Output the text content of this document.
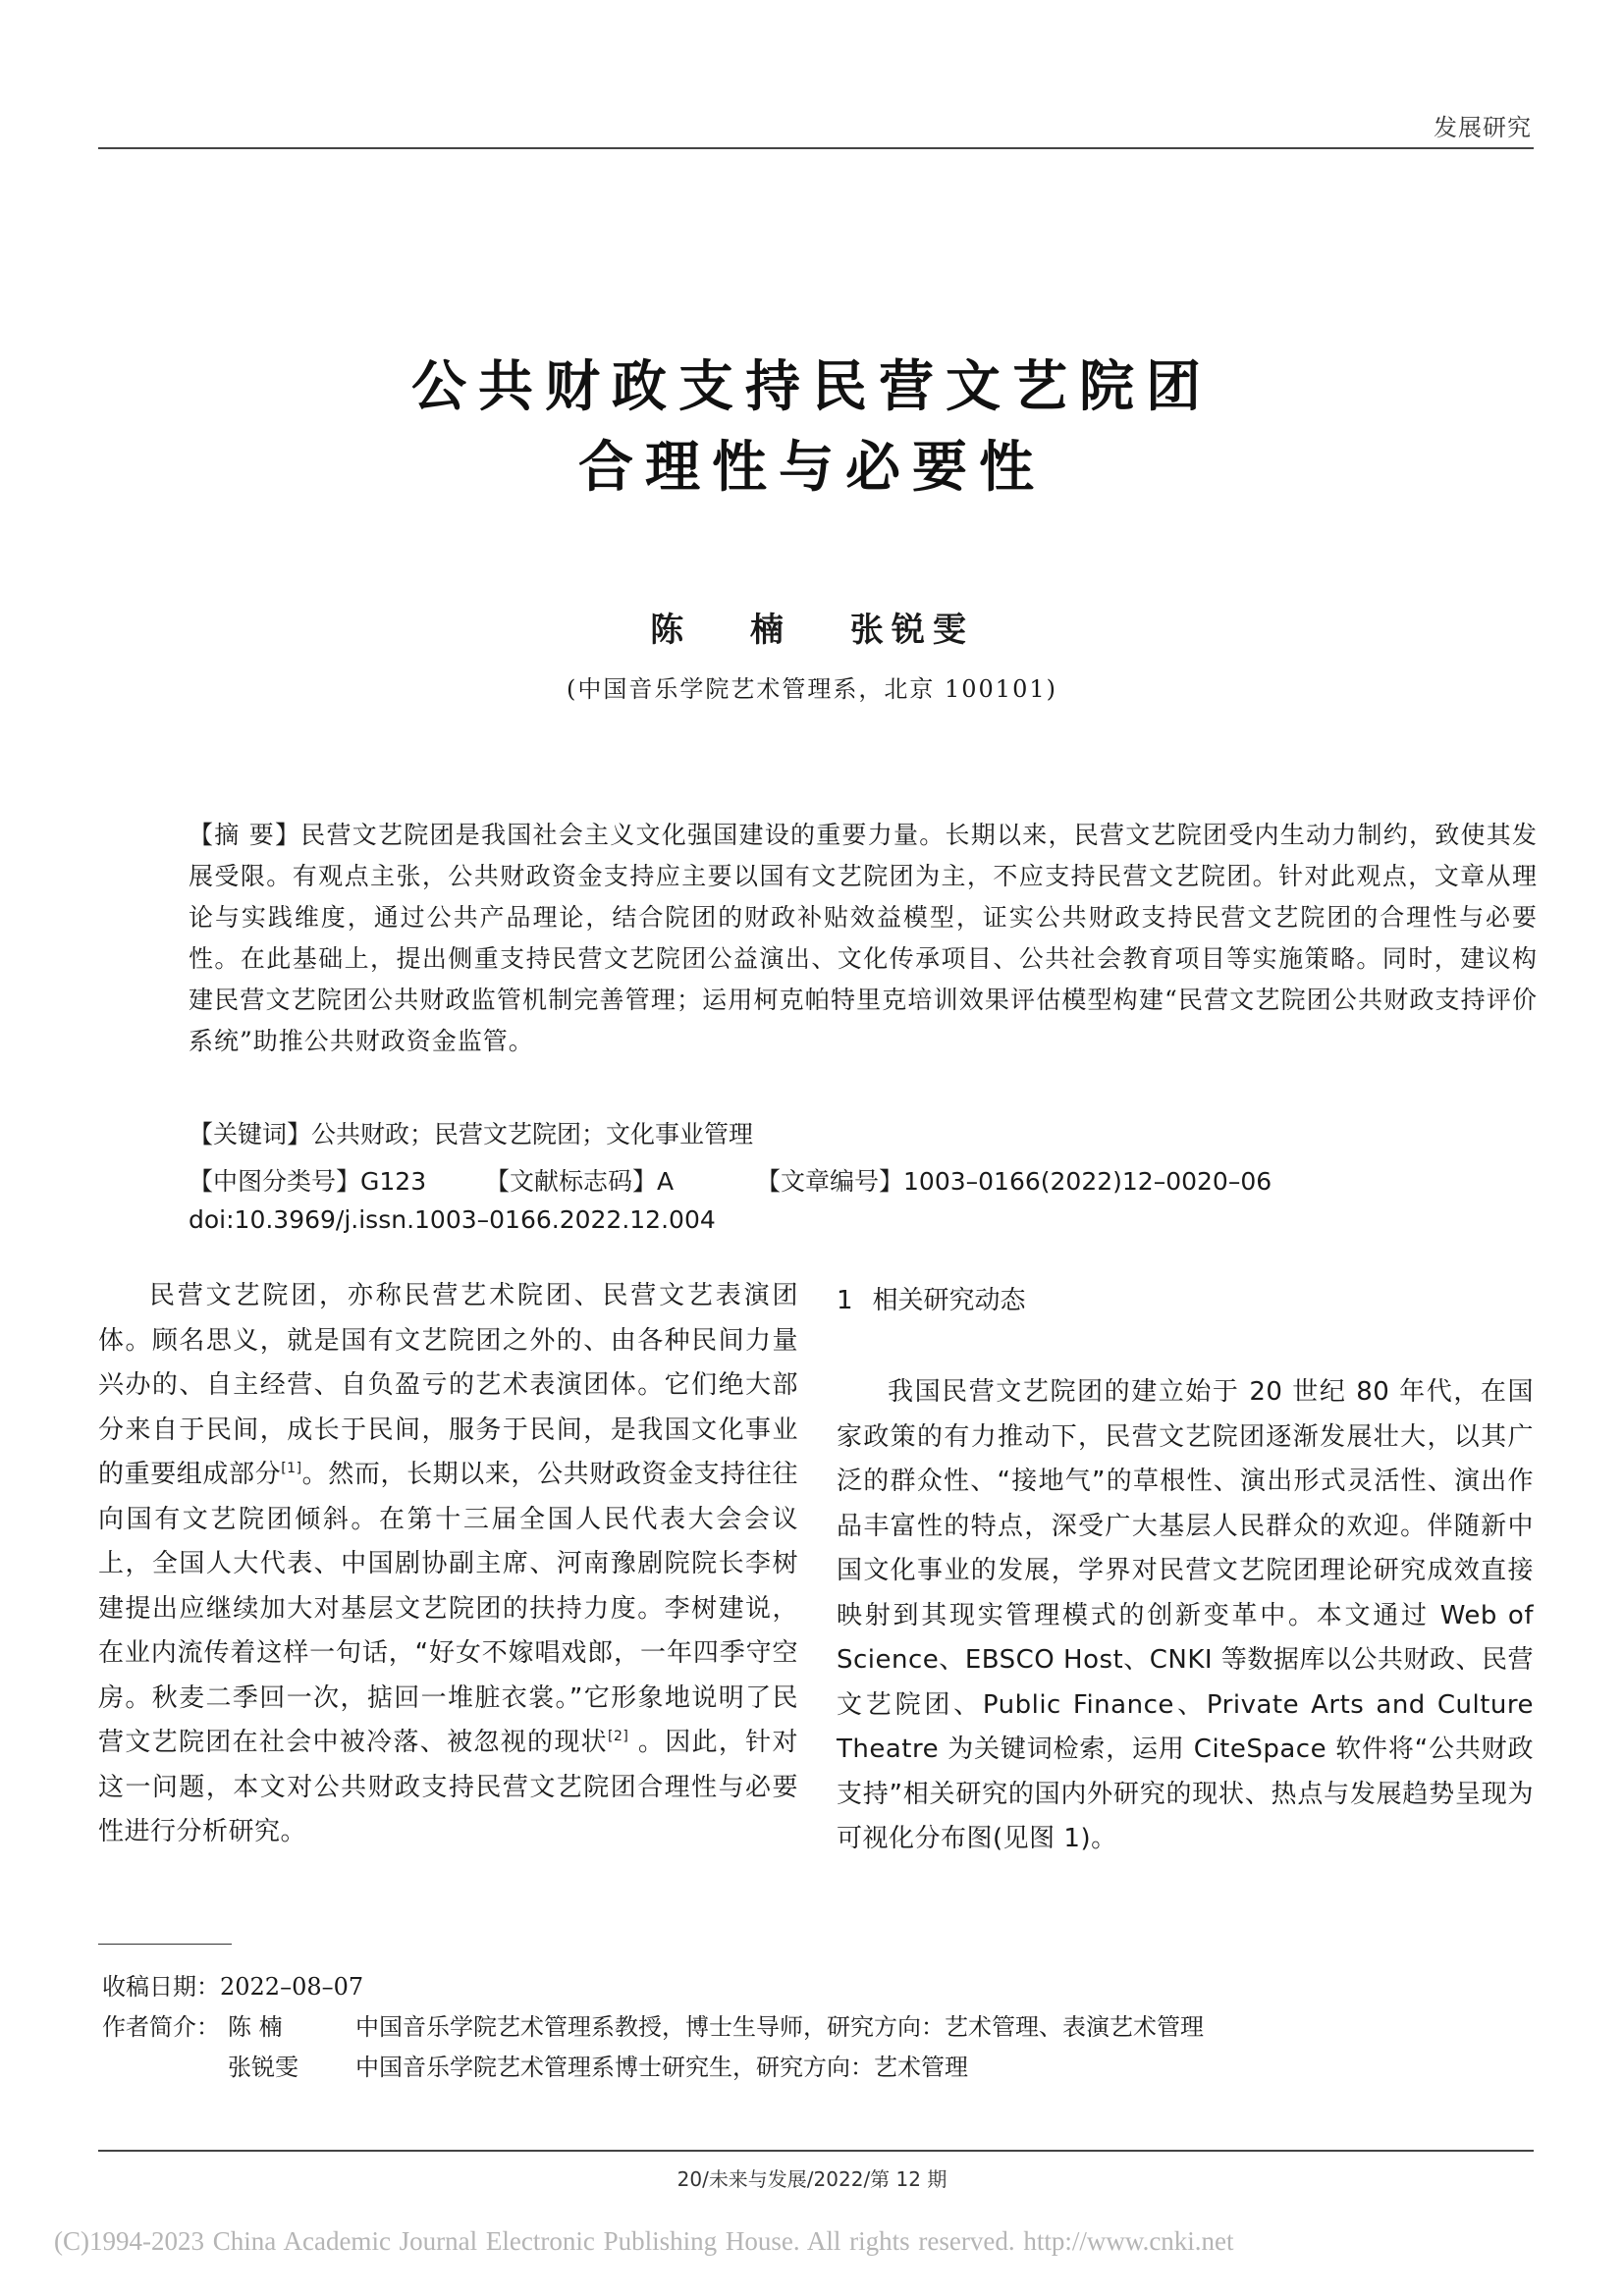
发展研究
公共财政支持民营文艺院团
合理性与必要性
陈 楠 张锐雯
(中国音乐学院艺术管理系，北京 100101)
【摘 要】民营文艺院团是我国社会主义文化强国建设的重要力量。长期以来，民营文艺院团受内生动力制约，致使其发展受限。有观点主张，公共财政资金支持应主要以国有文艺院团为主，不应支持民营文艺院团。针对此观点，文章从理论与实践维度，通过公共产品理论，结合院团的财政补贴效益模型，证实公共财政支持民营文艺院团的合理性与必要性。在此基础上，提出侧重支持民营文艺院团公益演出、文化传承项目、公共社会教育项目等实施策略。同时，建议构建民营文艺院团公共财政监管机制完善管理；运用柯克帕特里克培训效果评估模型构建“民营文艺院团公共财政支持评价系统”助推公共财政资金监管。
【关键词】公共财政；民营文艺院团；文化事业管理
【中图分类号】G123 【文献标志码】A	【文章编号】1003–0166(2022)12–0020–06
doi:10.3969/j.issn.1003–0166.2022.12.004

民营文艺院团，亦称民营艺术院团、民营文艺表演团体。顾名思义，就是国有文艺院团之外的、由各种民间力量兴办的、自主经营、自负盈亏的艺术表演团体。它们绝大部分来自于民间，成长于民间，服务于民间，是我国文化事业的重要组成部分[1]。然而，长期以来，公共财政资金支持往往向国有文艺院团倾斜。在第十三届全国人民代表大会会议上，全国人大代表、中国剧协副主席、河南豫剧院院长李树建提出应继续加大对基层文艺院团的扶持力度。李树建说，在业内流传着这样一句话，“好女不嫁唱戏郎，一年四季守空房。秋麦二季回一次，掂回一堆脏衣裳。”它形象地说明了民营文艺院团在社会中被冷落、被忽视的现状[2] 。因此，针对这一问题，本文对公共财政支持民营文艺院团合理性与必要性进行分析研究。

1 相关研究动态

我国民营文艺院团的建立始于 20 世纪 80 年代，在国家政策的有力推动下，民营文艺院团逐渐发展壮大，以其广泛的群众性、“接地气”的草根性、演出形式灵活性、演出作品丰富性的特点，深受广大基层人民群众的欢迎。伴随新中国文化事业的发展，学界对民营文艺院团理论研究成效直接映射到其现实管理模式的创新变革中。本文通过 Web of Science、EBSCO Host、CNKI 等数据库以公共财政、民营文艺院团、Public Finance、Private Arts and Culture Theatre 为关键词检索，运用 CiteSpace 软件将“公共财政支持”相关研究的国内外研究的现状、热点与发展趋势呈现为可视化分布图(见图 1)。

收稿日期：2022–08–07
作者简介： 陈 楠	中国音乐学院艺术管理系教授，博士生导师，研究方向：艺术管理、表演艺术管理
张锐雯 中国音乐学院艺术管理系博士研究生，研究方向：艺术管理
20/未来与发展/2022/第 12 期
(C)1994-2023 China Academic Journal Electronic Publishing House. All rights reserved. http://www.cnki.net
